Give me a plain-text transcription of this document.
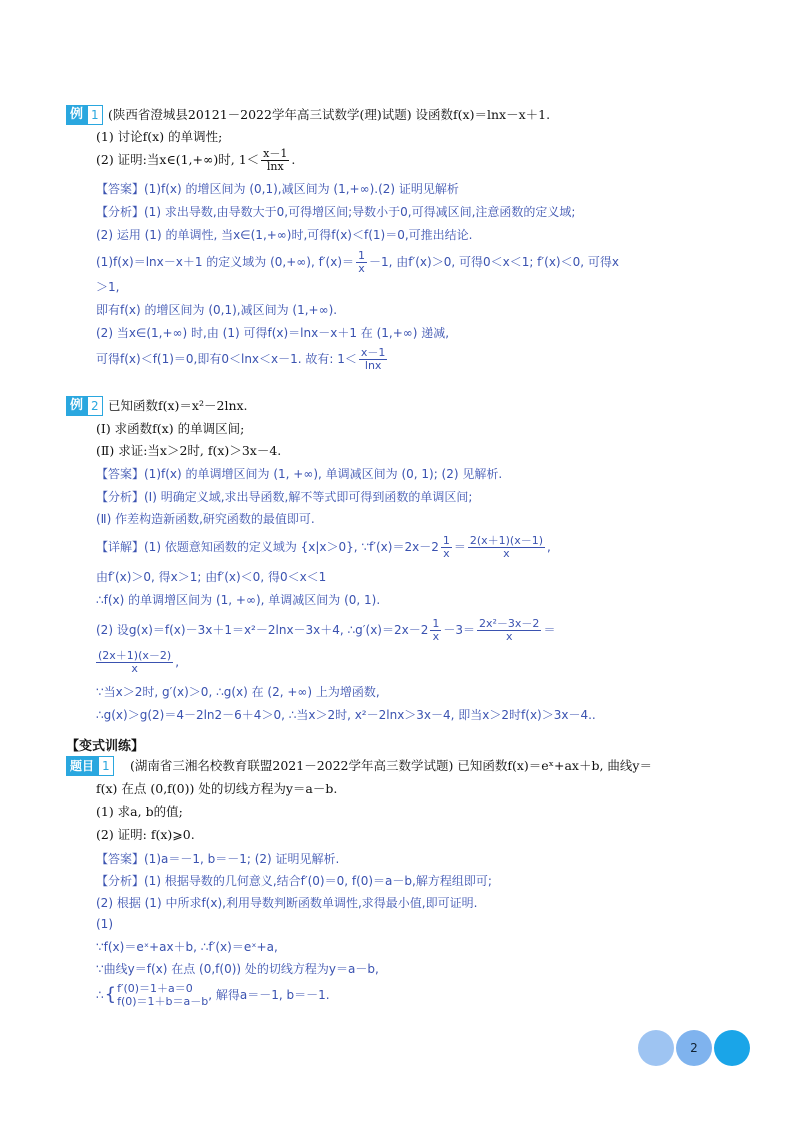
例 1 (陕西省澄城县20121－2022学年高三试数学(理)试题) 设函数f(x)＝lnx－x＋1.
(1) 讨论f(x) 的单调性;
(2) 证明:当x∈(1,+∞)时, $1< \frac{x-1}{\ln x}$ .
【答案】(1)f(x) 的增区间为 (0,1),减区间为 (1,+∞).(2) 证明见解析
【分析】(1) 求出导数,由导数大于0,可得增区间;导数小于0,可得减区间,注意函数的定义域;
(2) 运用 (1) 的单调性, 当x∈(1,+∞)时,可得f(x)＜f(1)＝0,可推出结论.
(1)f(x)＝lnx－x＋1 的定义域为 (0,+∞), $f'(x)= \frac{1}{x} -1$, 由f′(x)＞0, 可得0＜x＜1; f′(x)＜0, 可得x
＞1,
即有f(x) 的增区间为 (0,1),减区间为 (1,+∞).
(2) 当x∈(1,+∞) 时,由 (1) 可得f(x)＝lnx－x＋1 在 (1,+∞) 递减,
可得f(x)＜f(1)＝0,即有0＜lnx＜x－1. 故有: $1< \frac{x-1}{\ln x}$
例 2 已知函数f(x)＝x²－2lnx.
(Ⅰ) 求函数f(x) 的单调区间;
(Ⅱ) 求证:当x＞2时, f(x)＞3x－4.
【答案】(1)f(x) 的单调增区间为 (1, +∞), 单调减区间为 (0, 1); (2) 见解析.
【分析】(Ⅰ) 明确定义域,求出导函数,解不等式即可得到函数的单调区间;
(Ⅱ) 作差构造新函数,研究函数的最值即可.
【详解】(1) 依题意知函数的定义域为 {x|x＞0}, ∵f′(x)＝2x－2 $\frac{1}{x} = \frac{2(x+1)(x-1)}{x}$ ,
由f′(x)＞0, 得x＞1; 由f′(x)＜0, 得0＜x＜1
∴f(x) 的单调增区间为 (1, +∞), 单调减区间为 (0, 1).
(2) 设g(x)＝f(x)－3x＋1＝x²－2lnx－3x＋4, ∴g′(x)＝2x－2 $\frac{1}{x} -3= \frac{\text{2x²－3x－2}}{x}$ ＝
$\frac{(2x+1)(x-2)}{x}$ ,
∵当x＞2时, g′(x)＞0, ∴g(x) 在 (2, +∞) 上为增函数,
∴g(x)＞g(2)＝4－2ln2－6＋4＞0, ∴当x＞2时, x²－2lnx＞3x－4, 即当x＞2时f(x)＞3x－4..
【变式训练】
题目 1	(湖南省三湘名校教育联盟2021－2022学年高三数学试题) 已知函数f(x)＝eˣ+ax＋b, 曲线y＝
f(x) 在点 (0,f(0)) 处的切线方程为y＝a－b.
(1) 求a, b的值;
(2) 证明: f(x)⩾0.
【答案】(1)a＝－1, b＝－1; (2) 证明见解析.
【分析】(1) 根据导数的几何意义,结合f′(0)＝0, f(0)＝a－b,解方程组即可;
(2) 根据 (1) 中所求f(x),利用导数判断函数单调性,求得最小值,即可证明.
(1)
∵f(x)＝eˣ+ax＋b, ∴f′(x)＝eˣ+a,
∵曲线y＝f(x) 在点 (0,f(0)) 处的切线方程为y＝a－b,
∴ { f′(0)＝1＋a＝0
f(0)＝1＋b＝a－b , 解得a＝－1, b＝－1.
2
